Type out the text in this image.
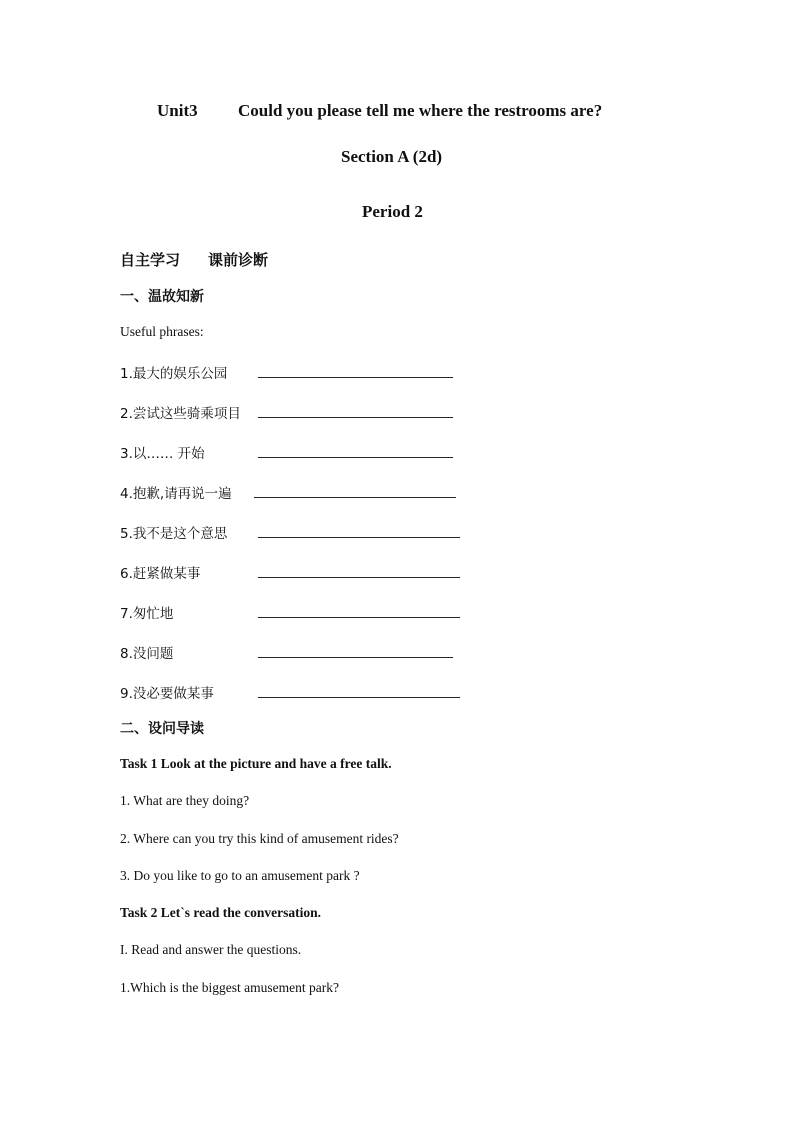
Unit3 Could you please tell me where the restrooms are?
Section A (2d)
Period 2
自主学习 课前诊断
一、温故知新
Useful phrases:
1.最大的娱乐公园
2.尝试这些骑乘项目
3.以…… 开始
4.抱歉,请再说一遍
5.我不是这个意思
6.赶紧做某事
7.匆忙地
8.没问题
9.没必要做某事
二、设问导读
Task 1 Look at the picture and have a free talk.
1. What are they doing?
2. Where can you try this kind of amusement rides?
3. Do you like to go to an amusement park ?
Task 2 Let`s read the conversation.
I. Read and answer the questions.
1.Which is the biggest amusement park?
